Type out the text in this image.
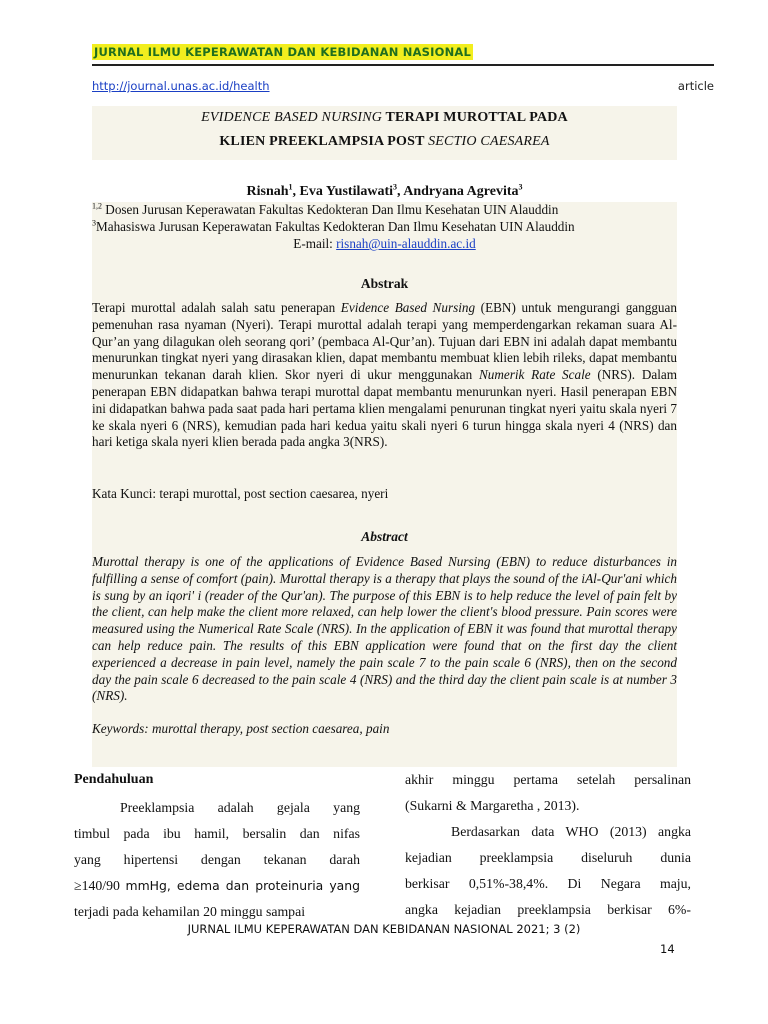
JURNAL ILMU KEPERAWATAN DAN KEBIDANAN NASIONAL
http://journal.unas.ac.id/health	article
EVIDENCE BASED NURSING TERAPI MUROTTAL PADA
KLIEN PREEKLAMPSIA POST SECTIO CAESAREA
Risnah$^1$, Eva Yustilawati$^3$, Andryana Agrevita$^3$
$^{1,2}$ Dosen Jurusan Keperawatan Fakultas Kedokteran Dan Ilmu Kesehatan UIN Alauddin
$^3$Mahasiswa Jurusan Keperawatan Fakultas Kedokteran Dan Ilmu Kesehatan UIN Alauddin
E-mail: risnah@uin-alauddin.ac.id
Abstrak
Terapi murottal adalah salah satu penerapan Evidence Based Nursing (EBN) untuk mengurangi gangguan pemenuhan rasa nyaman (Nyeri). Terapi murottal adalah terapi yang memperdengarkan rekaman suara Al-Qur’an yang dilagukan oleh seorang qori’ (pembaca Al-Qur’an). Tujuan dari EBN ini adalah dapat membantu menurunkan tingkat nyeri yang dirasakan klien, dapat membantu membuat klien lebih rileks, dapat membantu menurunkan tekanan darah klien. Skor nyeri di ukur menggunakan Numerik Rate Scale (NRS). Dalam penerapan EBN didapatkan bahwa terapi murottal dapat membantu menurunkan nyeri. Hasil penerapan EBN ini didapatkan bahwa pada saat pada hari pertama klien mengalami penurunan tingkat nyeri yaitu skala nyeri 7 ke skala nyeri 6 (NRS), kemudian pada hari kedua yaitu skali nyeri 6 turun hingga skala nyeri 4 (NRS) dan hari ketiga skala nyeri klien berada pada angka 3(NRS).
Kata Kunci: terapi murottal, post section caesarea, nyeri
Abstract
Murottal therapy is one of the applications of Evidence Based Nursing (EBN) to reduce disturbances in fulfilling a sense of comfort (pain). Murottal therapy is a therapy that plays the sound of the iAl-Qur'ani which is sung by an iqori' i (reader of the Qur'an). The purpose of this EBN is to help reduce the level of pain felt by the client, can help make the client more relaxed, can help lower the client's blood pressure. Pain scores were measured using the Numerical Rate Scale (NRS). In the application of EBN it was found that murottal therapy can help reduce pain. The results of this EBN application were found that on the first day the client experienced a decrease in pain level, namely the pain scale 7 to the pain scale 6 (NRS), then on the second day the pain scale 6 decreased to the pain scale 4 (NRS) and the third day the client pain scale is at number 3 (NRS).
Keywords: murottal therapy, post section caesarea, pain
Pendahuluan
Preeklampsia adalah gejala yang
timbul pada ibu hamil, bersalin dan nifas
yang hipertensi dengan tekanan darah
≥140/90 mmHg, edema dan proteinuria yang
terjadi pada kehamilan 20 minggu sampai
akhir minggu pertama setelah persalinan
(Sukarni & Margaretha , 2013).
Berdasarkan data WHO (2013) angka
kejadian preeklampsia diseluruh dunia
berkisar 0,51%-38,4%. Di Negara maju,
angka kejadian preeklampsia berkisar 6%-
JURNAL ILMU KEPERAWATAN DAN KEBIDANAN NASIONAL 2021; 3 (2)
14
